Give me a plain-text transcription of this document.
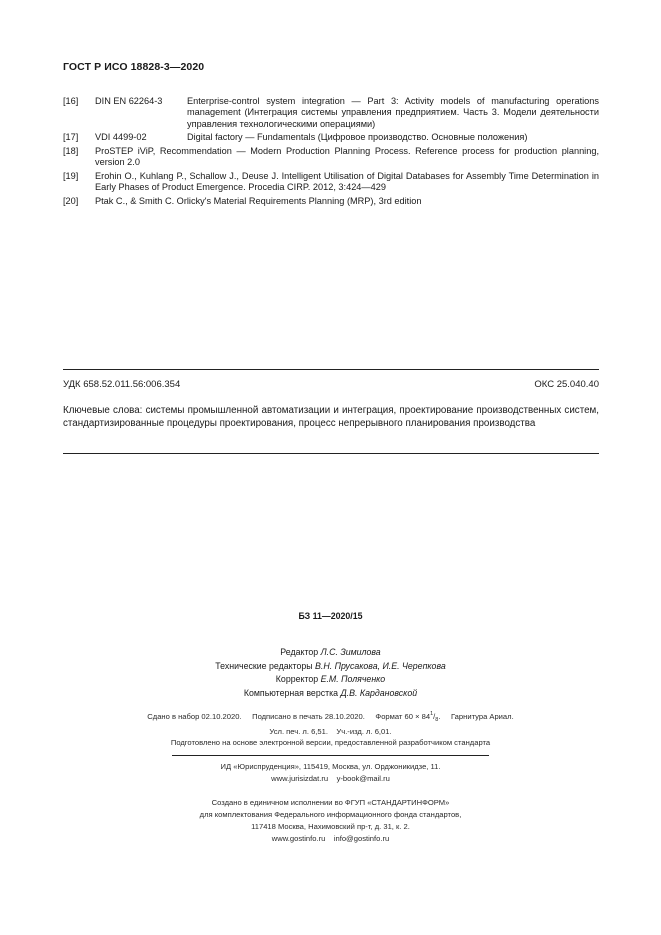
ГОСТ Р ИСО 18828-3—2020
[16]	DIN EN 62264-3	Enterprise-control system integration — Part 3: Activity models of manufacturing operations management (Интеграция системы управления предприятием. Часть 3. Модели деятельности управления технологическими операциями)
[17]	VDI 4499-02	Digital factory — Fundamentals (Цифровое производство. Основные положения)
[18]	ProSTEP iViP, Recommendation — Modern Production Planning Process. Reference process for production planning, version 2.0
[19]	Erohin O., Kuhlang P., Schallow J., Deuse J. Intelligent Utilisation of Digital Databases for Assembly Time Determination in Early Phases of Product Emergence. Procedia CIRP. 2012, 3:424—429
[20]	Ptak C., & Smith C. Orlicky's Material Requirements Planning (MRP), 3rd edition
УДК 658.52.011.56:006.354	ОКС 25.040.40
Ключевые слова: системы промышленной автоматизации и интеграция, проектирование производственных систем, стандартизированные процедуры проектирования, процесс непрерывного планирования производства
БЗ 11—2020/15
Редактор Л.С. Зимилова
Технические редакторы В.Н. Прусакова, И.Е. Черепкова
Корректор Е.М. Поляченко
Компьютерная верстка Д.В. Кардановской
Сдано в набор 02.10.2020. Подписано в печать 28.10.2020. Формат $60 \times 84^1/_8$. Гарнитура Ариал.
Усл. печ. л. 6,51. Уч.-изд. л. 6,01.
Подготовлено на основе электронной версии, предоставленной разработчиком стандарта
ИД «Юриспруденция», 115419, Москва, ул. Орджоникидзе, 11.
www.jurisizdat.ru y-book@mail.ru
Создано в единичном исполнении во ФГУП «СТАНДАРТИНФОРМ»
для комплектования Федерального информационного фонда стандартов,
117418 Москва, Нахимовский пр-т, д. 31, к. 2.
www.gostinfo.ru info@gostinfo.ru
